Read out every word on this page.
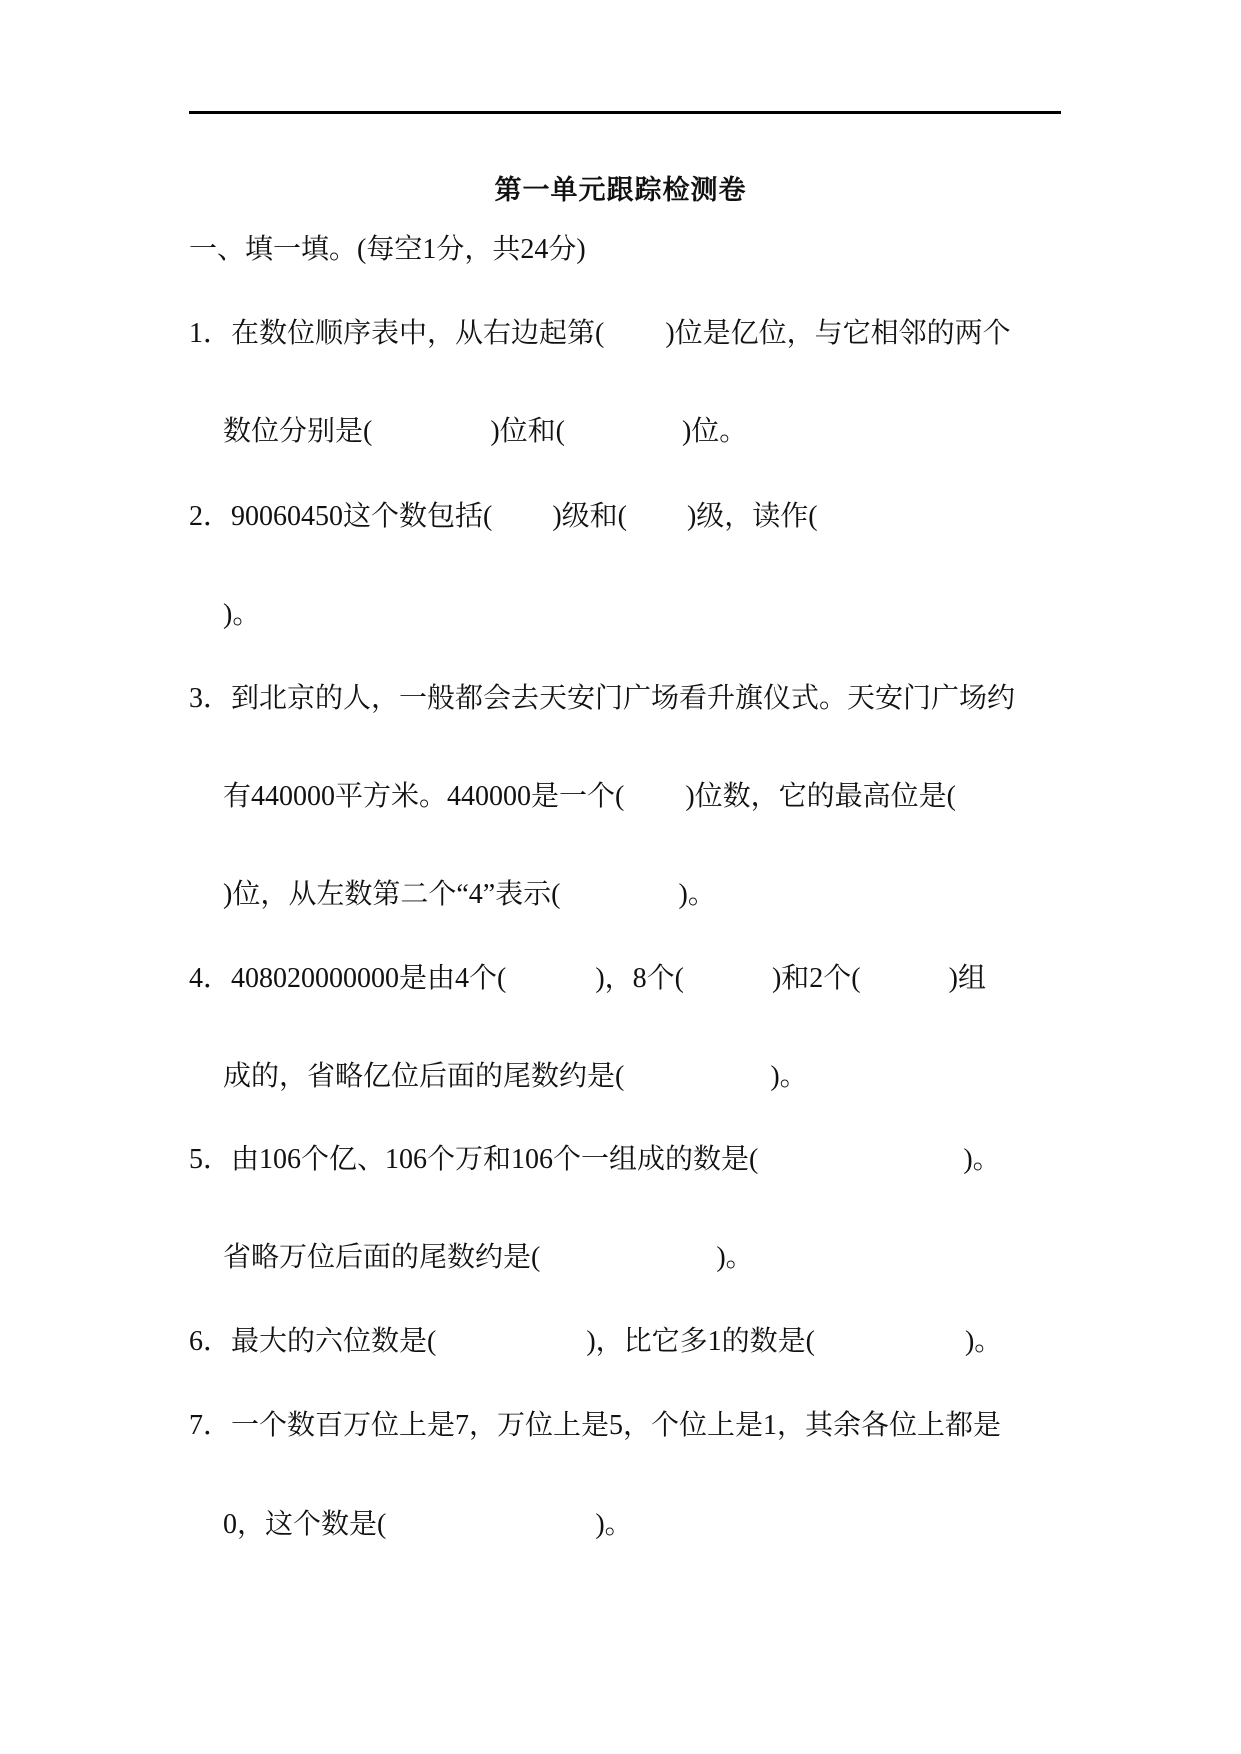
第一单元跟踪检测卷
一、填一填。(每空1分，共24分)
1．在数位顺序表中，从右边起第( )位是亿位，与它相邻的两个
数位分别是(	)位和(	)位。
2．90060450这个数包括( )级和( )级，读作(
)。
3．到北京的人，一般都会去天安门广场看升旗仪式。天安门广场约
有440000平方米。440000是一个( )位数，它的最高位是(
)位，从左数第二个“4”表示(	)。
4．408020000000是由4个(	)，8个(	)和2个(	)组
成的，省略亿位后面的尾数约是(	)。
5．由106个亿、106个万和106个一组成的数是(	)。
省略万位后面的尾数约是(	)。
6．最大的六位数是(	)，比它多1的数是(	)。
7．一个数百万位上是7，万位上是5，个位上是1，其余各位上都是
0，这个数是(	)。
